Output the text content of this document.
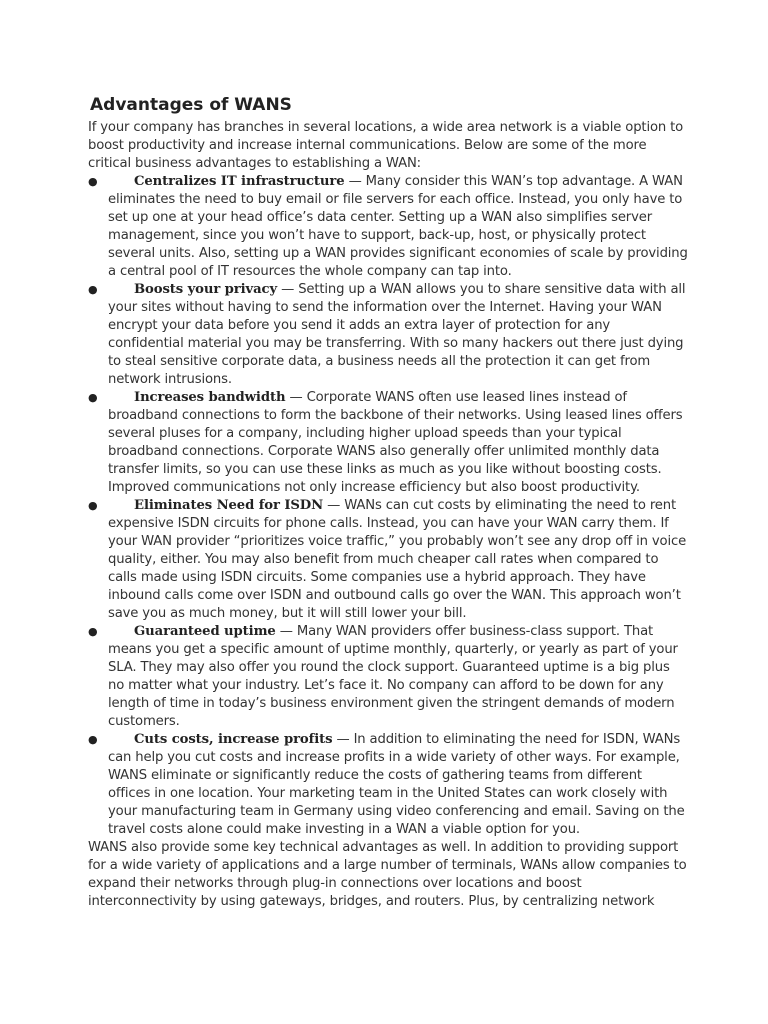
Advantages of WANS

If your company has branches in several locations, a wide area network is a viable option to boost productivity and increase internal communications. Below are some of the more critical business advantages to establishing a WAN:

●	Centralizes IT infrastructure — Many consider this WAN’s top advantage. A WAN eliminates the need to buy email or file servers for each office. Instead, you only have to set up one at your head office’s data center. Setting up a WAN also simplifies server management, since you won’t have to support, back-up, host, or physically protect several units. Also, setting up a WAN provides significant economies of scale by providing a central pool of IT resources the whole company can tap into.
●	Boosts your privacy — Setting up a WAN allows you to share sensitive data with all your sites without having to send the information over the Internet. Having your WAN encrypt your data before you send it adds an extra layer of protection for any confidential material you may be transferring. With so many hackers out there just dying to steal sensitive corporate data, a business needs all the protection it can get from network intrusions.
●	Increases bandwidth — Corporate WANS often use leased lines instead of broadband connections to form the backbone of their networks. Using leased lines offers several pluses for a company, including higher upload speeds than your typical broadband connections. Corporate WANS also generally offer unlimited monthly data transfer limits, so you can use these links as much as you like without boosting costs. Improved communications not only increase efficiency but also boost productivity.
●	Eliminates Need for ISDN — WANs can cut costs by eliminating the need to rent expensive ISDN circuits for phone calls. Instead, you can have your WAN carry them. If your WAN provider “prioritizes voice traffic,” you probably won’t see any drop off in voice quality, either. You may also benefit from much cheaper call rates when compared to calls made using ISDN circuits. Some companies use a hybrid approach. They have inbound calls come over ISDN and outbound calls go over the WAN. This approach won’t save you as much money, but it will still lower your bill.
●	Guaranteed uptime — Many WAN providers offer business-class support. That means you get a specific amount of uptime monthly, quarterly, or yearly as part of your SLA. They may also offer you round the clock support. Guaranteed uptime is a big plus no matter what your industry. Let’s face it. No company can afford to be down for any length of time in today’s business environment given the stringent demands of modern customers.
●	Cuts costs, increase profits — In addition to eliminating the need for ISDN, WANs can help you cut costs and increase profits in a wide variety of other ways. For example, WANS eliminate or significantly reduce the costs of gathering teams from different offices in one location. Your marketing team in the United States can work closely with your manufacturing team in Germany using video conferencing and email. Saving on the travel costs alone could make investing in a WAN a viable option for you.

WANS also provide some key technical advantages as well. In addition to providing support for a wide variety of applications and a large number of terminals, WANs allow companies to expand their networks through plug-in connections over locations and boost interconnectivity by using gateways, bridges, and routers. Plus, by centralizing network
